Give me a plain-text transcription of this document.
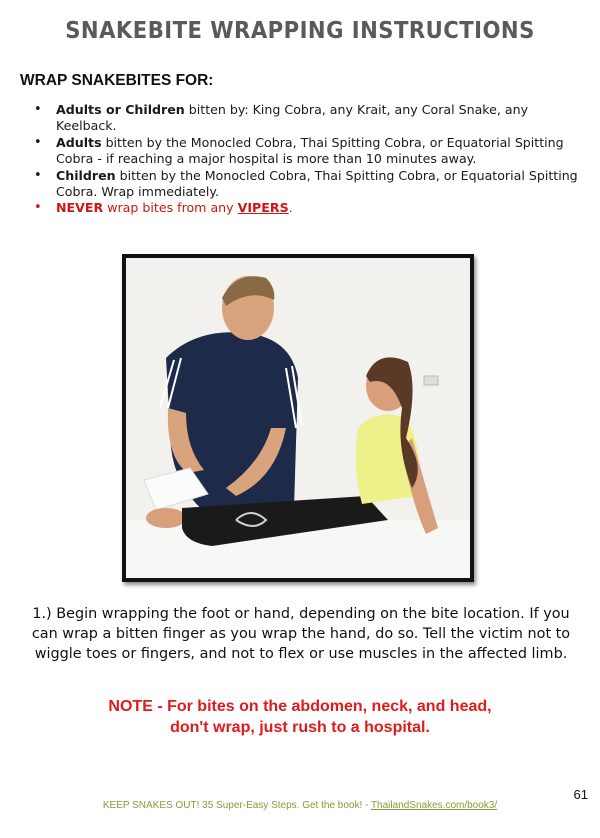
SNAKEBITE WRAPPING INSTRUCTIONS
WRAP SNAKEBITES FOR:
• Adults or Children bitten by: King Cobra, any Krait, any Coral Snake, any Keelback.
• Adults bitten by the Monocled Cobra, Thai Spitting Cobra, or Equatorial Spitting Cobra - if reaching a major hospital is more than 10 minutes away.
• Children bitten by the Monocled Cobra, Thai Spitting Cobra, or Equatorial Spitting Cobra. Wrap immediately.
• NEVER wrap bites from any VIPERS.
1.) Begin wrapping the foot or hand, depending on the bite location. If you can wrap a bitten finger as you wrap the hand, do so. Tell the victim not to wiggle toes or fingers, and not to flex or use muscles in the affected limb.
NOTE - For bites on the abdomen, neck, and head,
don't wrap, just rush to a hospital.
61
KEEP SNAKES OUT! 35 Super-Easy Steps. Get the book! - ThailandSnakes.com/book3/
